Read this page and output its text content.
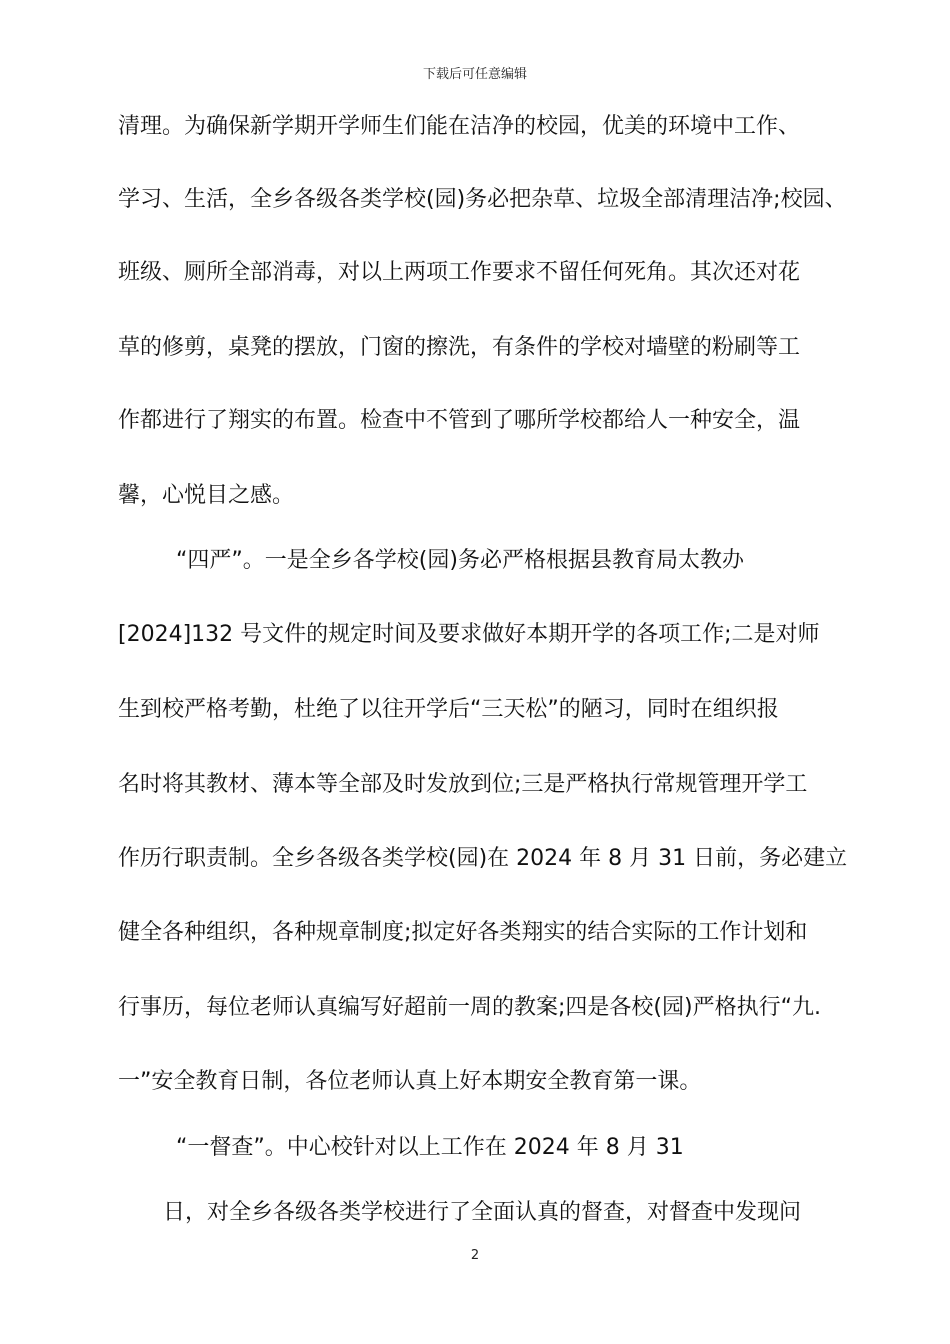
下载后可任意编辑
清理。为确保新学期开学师生们能在洁净的校园，优美的环境中工作、
学习、生活，全乡各级各类学校(园)务必把杂草、垃圾全部清理洁净;校园、
班级、厕所全部消毒，对以上两项工作要求不留任何死角。其次还对花
草的修剪，桌凳的摆放，门窗的擦洗，有条件的学校对墙壁的粉刷等工
作都进行了翔实的布置。检查中不管到了哪所学校都给人一种安全，温
馨，心悦目之感。
“四严”。一是全乡各学校(园)务必严格根据县教育局太教办
[2024]132 号文件的规定时间及要求做好本期开学的各项工作;二是对师
生到校严格考勤，杜绝了以往开学后“三天松”的陋习，同时在组织报
名时将其教材、薄本等全部及时发放到位;三是严格执行常规管理开学工
作历行职责制。全乡各级各类学校(园)在 2024 年 8 月 31 日前，务必建立
健全各种组织，各种规章制度;拟定好各类翔实的结合实际的工作计划和
行事历，每位老师认真编写好超前一周的教案;四是各校(园)严格执行“九.
一”安全教育日制，各位老师认真上好本期安全教育第一课。
“一督查”。中心校针对以上工作在 2024 年 8 月 31
日，对全乡各级各类学校进行了全面认真的督查，对督查中发现问
2
